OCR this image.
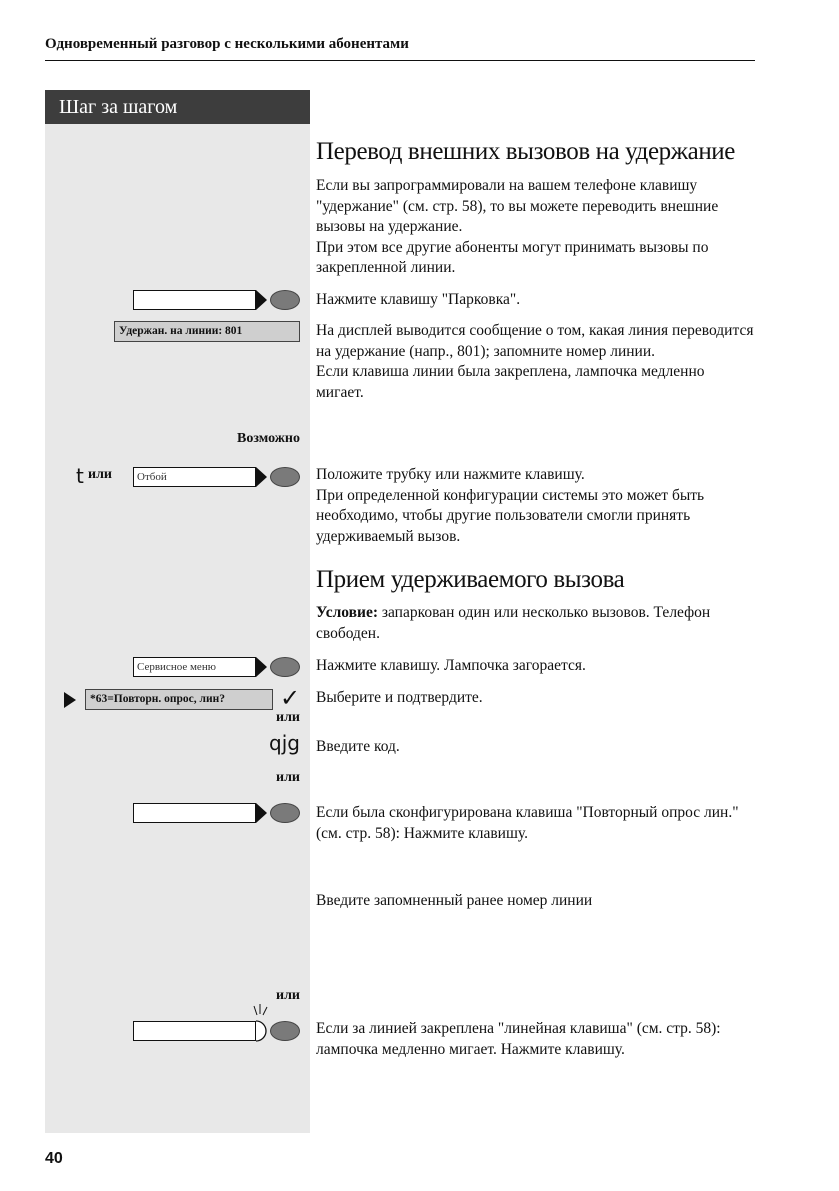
Одновременный разговор с несколькими абонентами
Шаг за шагом
Перевод внешних вызовов на удержание
Если вы запрограммировали на вашем телефоне клавишу "удержание" (см. стр. 58), то вы можете переводить внешние вызовы на удержание.
При этом все другие абоненты могут принимать вызовы по закрепленной линии.
Нажмите клавишу "Парковка".
Удержан. на линии: 801	На дисплей выводится сообщение о том, какая линия переводится на удержание (напр., 801); запомните номер линии.
Если клавиша линии была закреплена, лампочка медленно мигает.
Возможно
t или	Отбой	Положите трубку или нажмите клавишу.
При определенной конфигурации системы это может быть необходимо, чтобы другие пользователи смогли принять удерживаемый вызов.
Прием удерживаемого вызова
Условие: запаркован один или несколько вызовов. Телефон свободен.
Сервисное меню	Нажмите клавишу. Лампочка загорается.
*63=Повторн. опрос, лин?	✓ Выберите и подтвердите.
или
qjg Введите код.
или
Если была сконфигурирована клавиша "Повторный опрос лин." (см. стр. 58): Нажмите клавишу.
Введите запомненный ранее номер линии
или
Если за линией закреплена "линейная клавиша" (см. стр. 58): лампочка медленно мигает. Нажмите клавишу.
40
